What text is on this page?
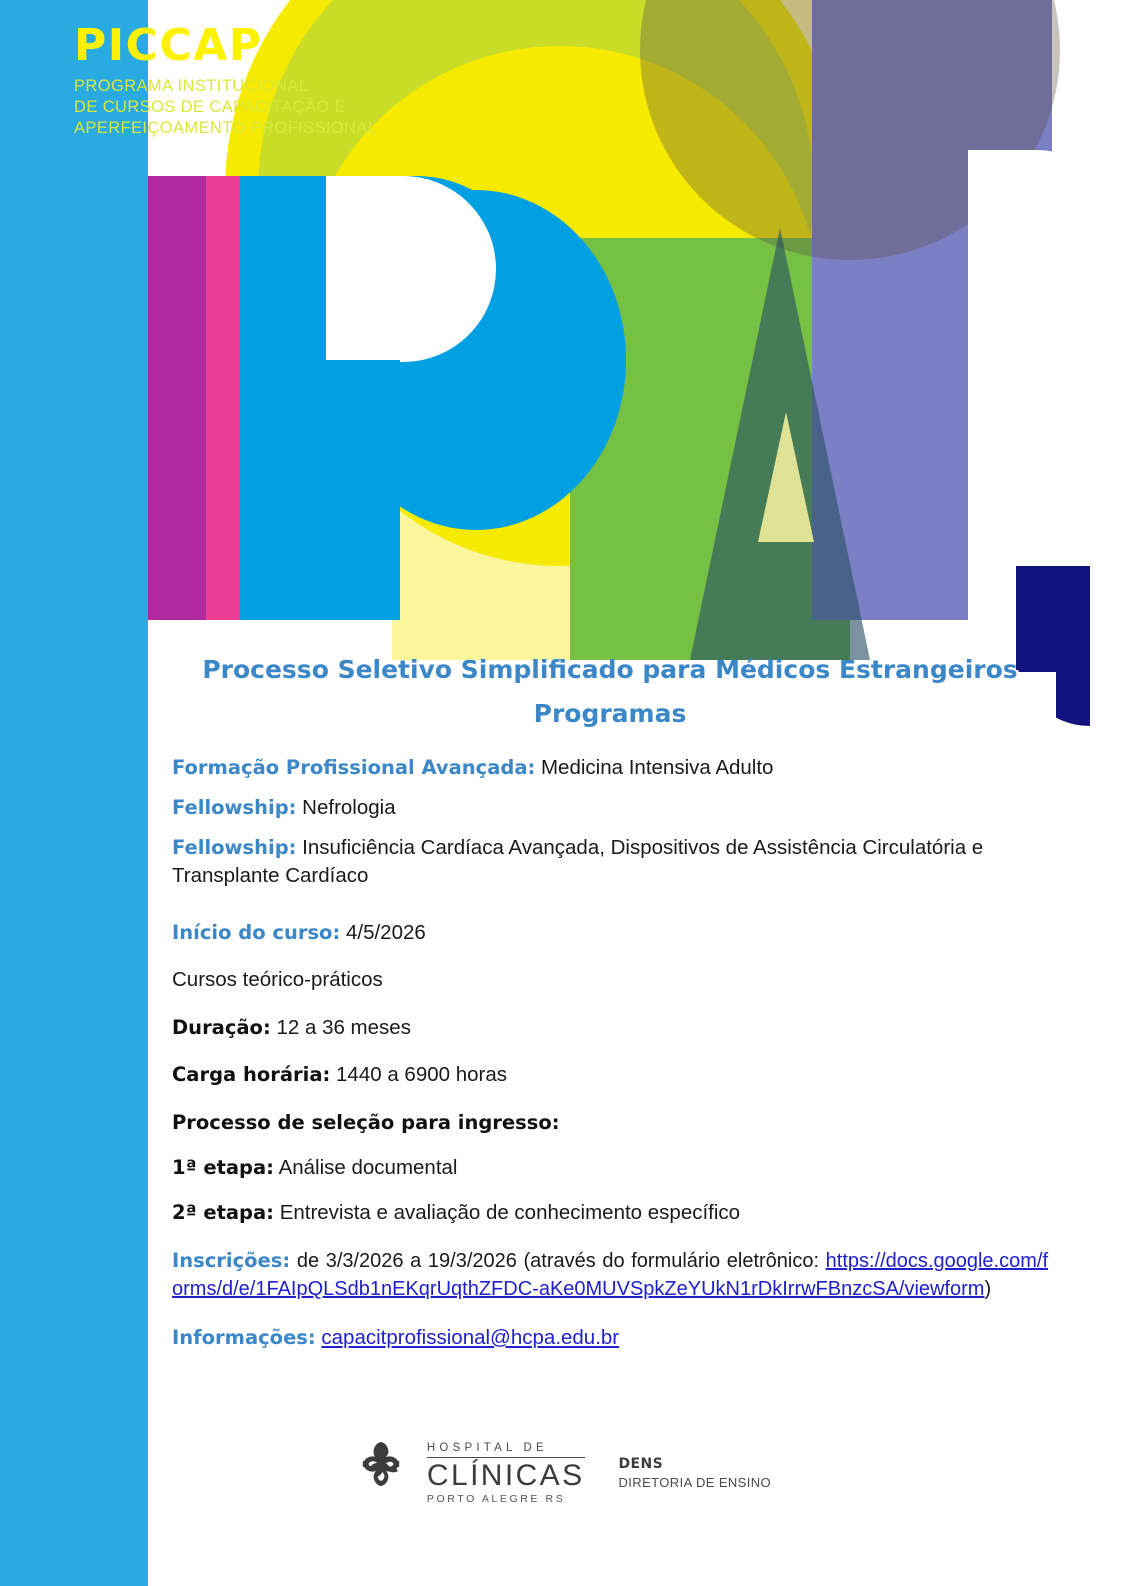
PICCAP

PROGRAMA INSTITUCIONAL
DE CURSOS DE CAPACITAÇÃO E
APERFEIÇOAMENTO PROFISSIONAL

Processo Seletivo Simplificado para Médicos Estrangeiros
Programas

Formação Profissional Avançada: Medicina Intensiva Adulto

Fellowship: Nefrologia

Fellowship: Insuficiência Cardíaca Avançada, Dispositivos de Assistência Circulatória e Transplante Cardíaco

Início do curso: 4/5/2026

Cursos teórico-práticos

Duração: 12 a 36 meses

Carga horária: 1440 a 6900 horas

Processo de seleção para ingresso:

1ª etapa: Análise documental

2ª etapa: Entrevista e avaliação de conhecimento específico

Inscrições: de 3/3/2026 a 19/3/2026 (através do formulário eletrônico: https://docs.google.com/forms/d/e/1FAIpQLSdb1nEKqrUqthZFDC-aKe0MUVSpkZeYUkN1rDkIrrwFBnzcSA/viewform)

Informações: capacitprofissional@hcpa.edu.br

HOSPITAL DE
CLÍNICAS
PORTO ALEGRE RS
DENS
DIRETORIA DE ENSINO
